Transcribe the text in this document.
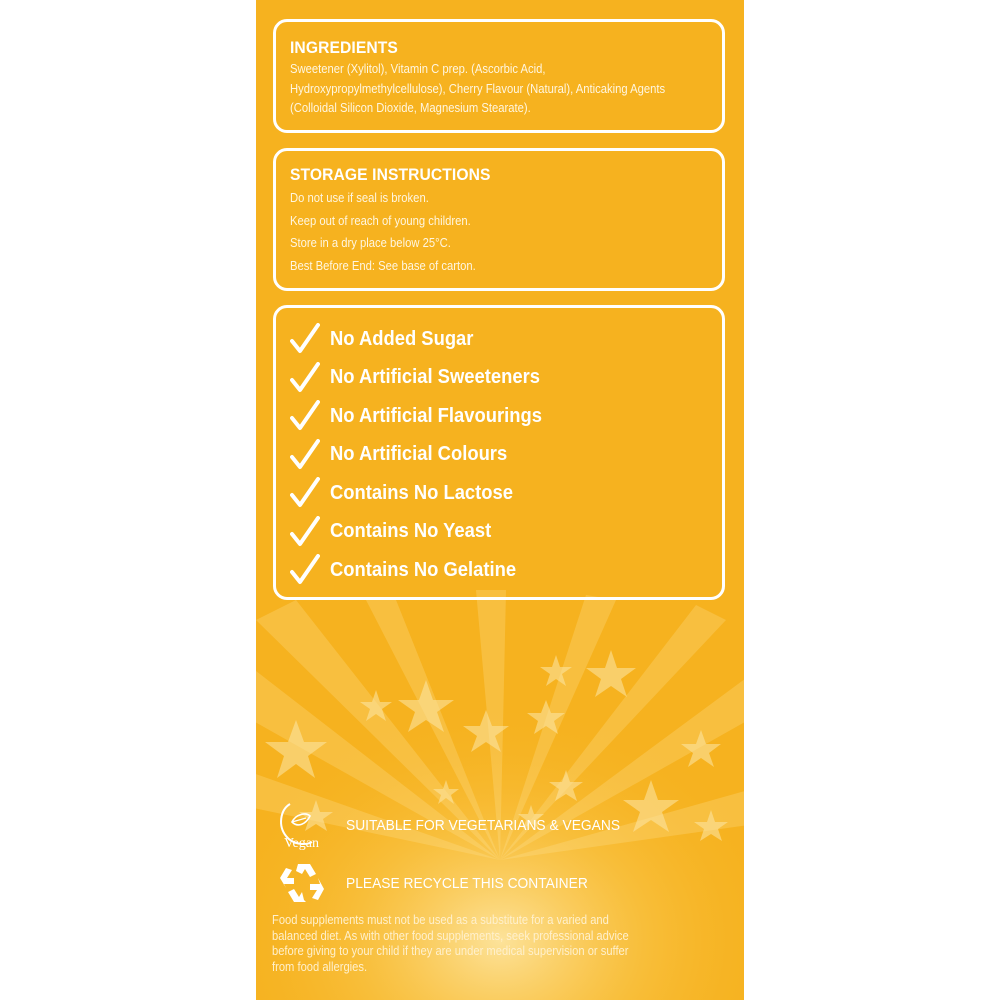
INGREDIENTS
Sweetener (Xylitol), Vitamin C prep. (Ascorbic Acid,
Hydroxypropylmethylcellulose), Cherry Flavour (Natural), Anticaking Agents
(Colloidal Silicon Dioxide, Magnesium Stearate).
STORAGE INSTRUCTIONS
Do not use if seal is broken.
Keep out of reach of young children.
Store in a dry place below 25°C.
Best Before End: See base of carton.
No Added Sugar
No Artificial Sweeteners
No Artificial Flavourings
No Artificial Colours
Contains No Lactose
Contains No Yeast
Contains No Gelatine
Vegan
SUITABLE FOR VEGETARIANS & VEGANS
PLEASE RECYCLE THIS CONTAINER
Food supplements must not be used as a substitute for a varied and
balanced diet. As with other food supplements, seek professional advice
before giving to your child if they are under medical supervision or suffer
from food allergies.
